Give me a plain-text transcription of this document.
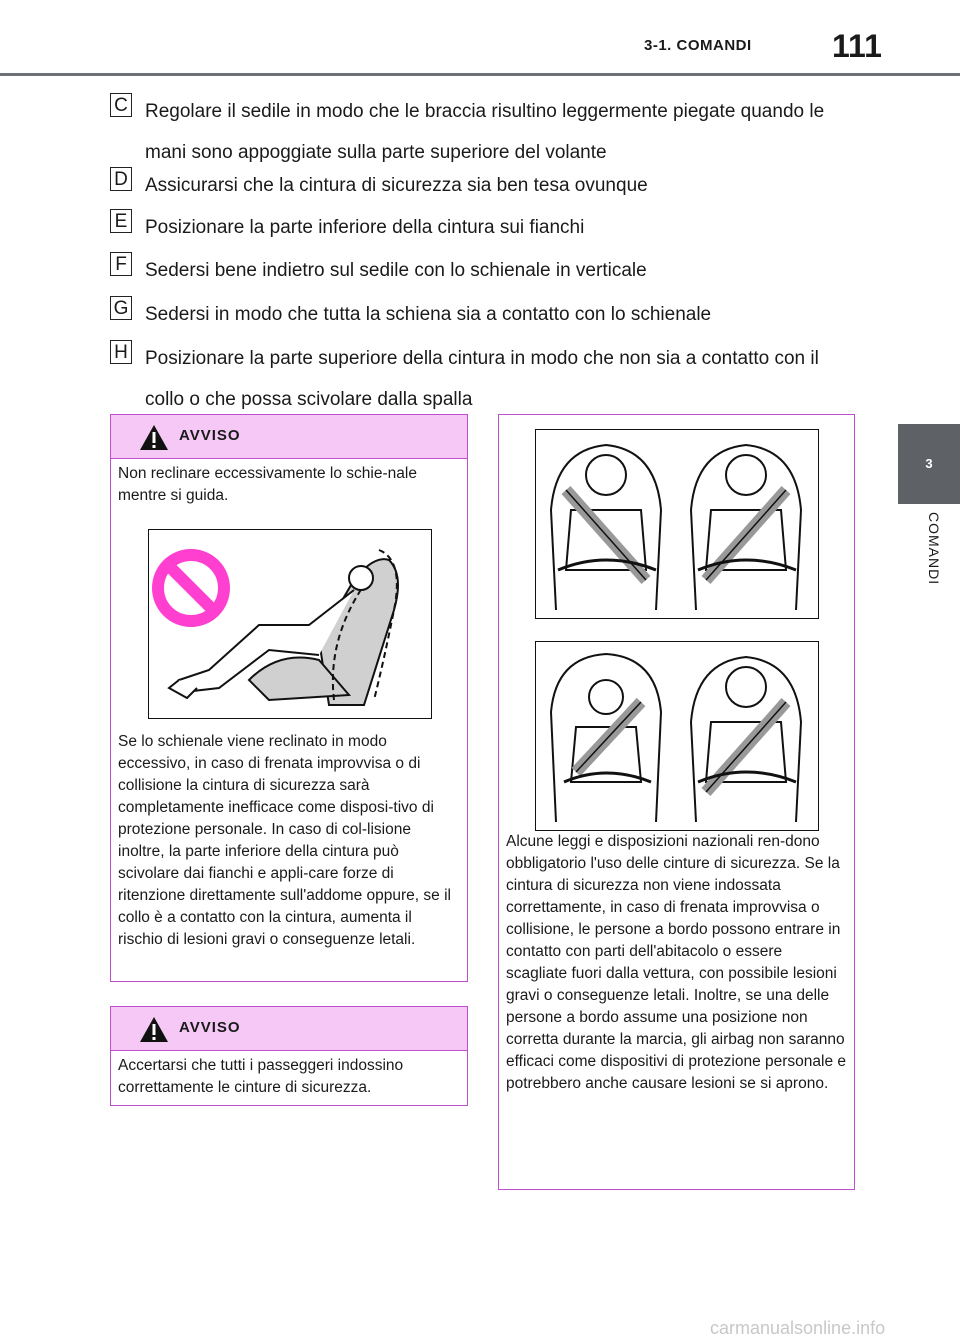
3-1. COMANDI	111
3
COMANDI
C Regolare il sedile in modo che le braccia risultino leggermente piegate quando le mani sono appoggiate sulla parte superiore del volante
D Assicurarsi che la cintura di sicurezza sia ben tesa ovunque
E Posizionare la parte inferiore della cintura sui fianchi
F Sedersi bene indietro sul sedile con lo schienale in verticale
G Sedersi in modo che tutta la schiena sia a contatto con lo schienale
H Posizionare la parte superiore della cintura in modo che non sia a contatto con il collo o che possa scivolare dalla spalla
AVVISO
Non reclinare eccessivamente lo schie-nale mentre si guida.
Se lo schienale viene reclinato in modo eccessivo, in caso di frenata improvvisa o di collisione la cintura di sicurezza sarà completamente inefficace come disposi-tivo di protezione personale. In caso di col-lisione inoltre, la parte inferiore della cintura può scivolare dai fianchi e appli-care forze di ritenzione direttamente sull'addome oppure, se il collo è a contatto con la cintura, aumenta il rischio di lesioni gravi o conseguenze letali.
AVVISO
Accertarsi che tutti i passeggeri indossino correttamente le cinture di sicurezza.
Alcune leggi e disposizioni nazionali ren-dono obbligatorio l'uso delle cinture di sicurezza. Se la cintura di sicurezza non viene indossata correttamente, in caso di frenata improvvisa o collisione, le persone a bordo possono entrare in contatto con parti dell'abitacolo o essere scagliate fuori dalla vettura, con possibile lesioni gravi o conseguenze letali. Inoltre, se una delle persone a bordo assume una posizione non corretta durante la marcia, gli airbag non saranno efficaci come dispositivi di protezione personale e potrebbero anche causare lesioni se si aprono.
carmanualsonline.info
